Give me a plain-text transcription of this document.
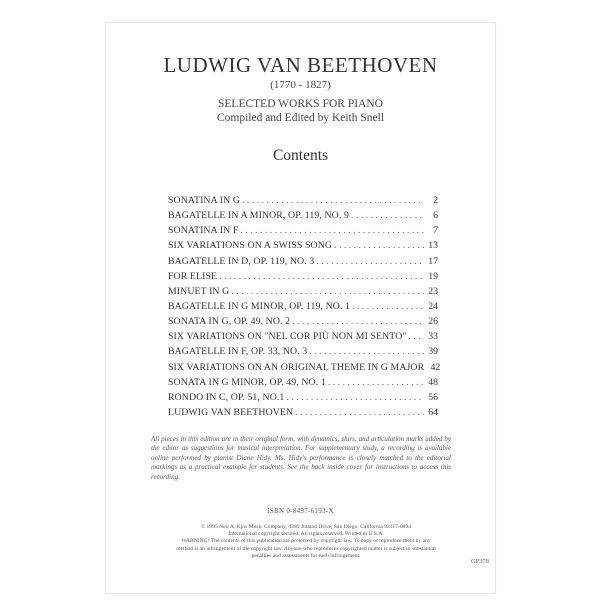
LUDWIG VAN BEETHOVEN
(1770 - 1827)
SELECTED WORKS FOR PIANO
Compiled and Edited by Keith Snell
Contents
SONATINA IN G . . .	2
BAGATELLE IN A MINOR, OP. 119, NO. 9 . . .	6
SONATINA IN F . . .	7
SIX VARIATIONS ON A SWISS SONG . . .	13
BAGATELLE IN D, OP. 119, NO. 3 . . .	17
FOR ELISE . . .	19
MINUET IN G . . .	23
BAGATELLE IN G MINOR, OP. 119, NO. 1 . . .	24
SONATA IN G, OP. 49, NO. 2 . . .	26
SIX VARIATIONS ON "NEL COR PIÙ NON MI SENTO" . . . 33
BAGATELLE IN F, OP. 33, NO. 3 . . .	39
SIX VARIATIONS ON AN ORIGINAL THEME IN G MAJOR 42
SONATA IN G MINOR, OP. 49, NO. 1 . . .	48
RONDO IN C, OP. 51, NO.1 . . .	56
LUDWIG VAN BEETHOVEN . . .	64
All pieces in this edition are in their original form, with dynamics, slurs, and articulation marks added by the editor as suggestions for musical interpretation. For supplementary study, a recording is available online performed by pianist Diane Hidy. Ms. Hidy's performance is closely matched to the editorial markings as a practical example for students. See the back inside cover for instructions to access this recording.
ISBN 0-8497-6193-X
© 1995 Neil A. Kjos Music Company, 4380 Jutland Drive, San Diego, California 92117-0894
International copyright secured. All rights reserved. Printed in U.S.A.
WARNING! The contents of this publication are protected by copyright law. To copy or reproduce them by any method is an infringement of the copyright law. Anyone who reproduces copyrighted matter is subject to substantial penalties and assessments for each infringement.
GP378
